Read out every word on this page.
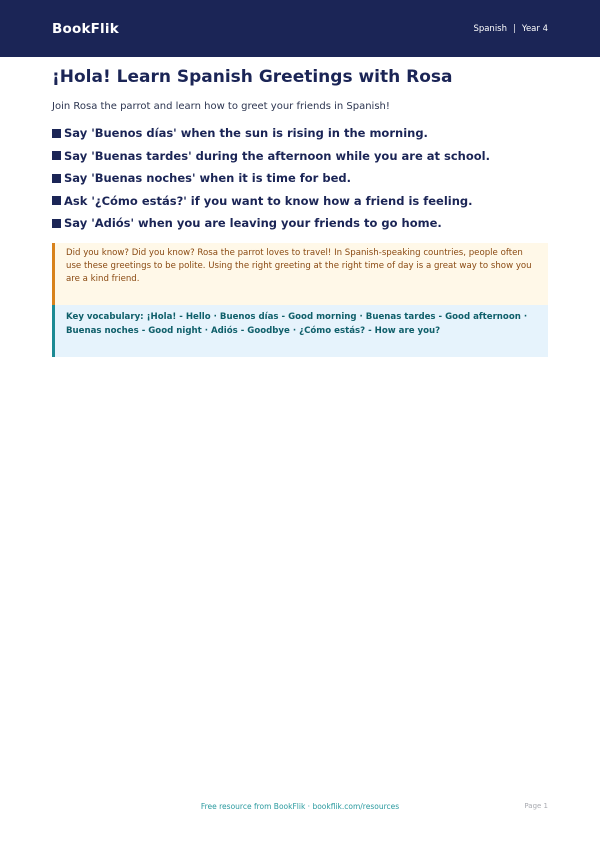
BookFlik	Spanish | Year 4
¡Hola! Learn Spanish Greetings with Rosa

Join Rosa the parrot and learn how to greet your friends in Spanish!

Say 'Buenos días' when the sun is rising in the morning.
Say 'Buenas tardes' during the afternoon while you are at school.
Say 'Buenas noches' when it is time for bed.
Ask '¿Cómo estás?' if you want to know how a friend is feeling.
Say 'Adiós' when you are leaving your friends to go home.
Did you know? Did you know? Rosa the parrot loves to travel! In Spanish-speaking countries, people often use these greetings to be polite. Using the right greeting at the right time of day is a great way to show you are a kind friend.
Key vocabulary: ¡Hola! - Hello · Buenos días - Good morning · Buenas tardes - Good afternoon · Buenas noches - Good night · Adiós - Goodbye · ¿Cómo estás? - How are you?
Free resource from BookFlik · bookflik.com/resources	Page 1
